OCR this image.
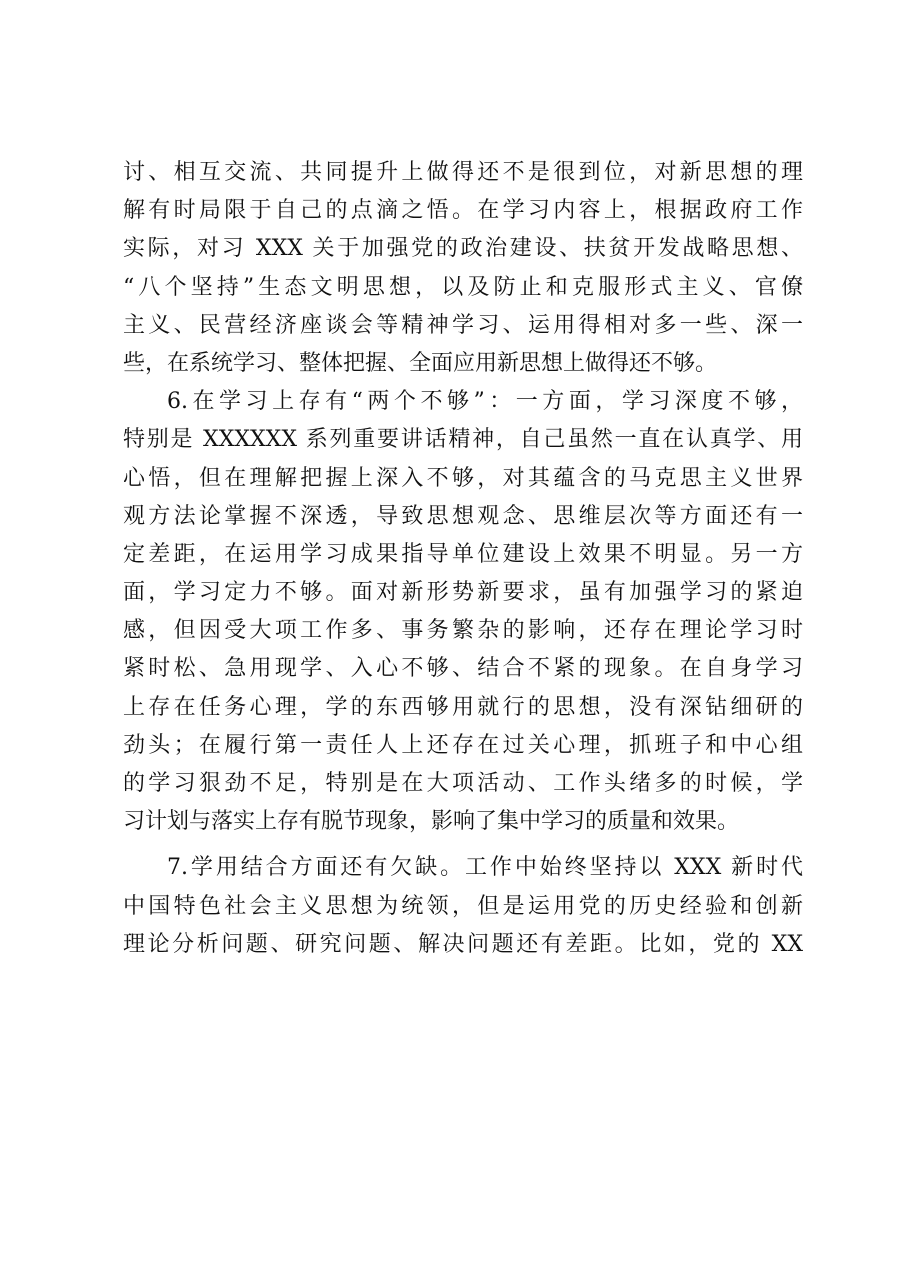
讨、相互交流、共同提升上做得还不是很到位，对新思想的理
解有时局限于自己的点滴之悟。在学习内容上，根据政府工作
实际，对习 XXX 关于加强党的政治建设、扶贫开发战略思想、
“八个坚持”生态文明思想，以及防止和克服形式主义、官僚
主义、民营经济座谈会等精神学习、运用得相对多一些、深一
些，在系统学习、整体把握、全面应用新思想上做得还不够。
6.在学习上存有“两个不够”：一方面，学习深度不够，
特别是 XXXXXX 系列重要讲话精神，自己虽然一直在认真学、用
心悟，但在理解把握上深入不够，对其蕴含的马克思主义世界
观方法论掌握不深透，导致思想观念、思维层次等方面还有一
定差距，在运用学习成果指导单位建设上效果不明显。另一方
面，学习定力不够。面对新形势新要求，虽有加强学习的紧迫
感，但因受大项工作多、事务繁杂的影响，还存在理论学习时
紧时松、急用现学、入心不够、结合不紧的现象。在自身学习
上存在任务心理，学的东西够用就行的思想，没有深钻细研的
劲头；在履行第一责任人上还存在过关心理，抓班子和中心组
的学习狠劲不足，特别是在大项活动、工作头绪多的时候，学
习计划与落实上存有脱节现象，影响了集中学习的质量和效果。
7.学用结合方面还有欠缺。工作中始终坚持以 XXX 新时代
中国特色社会主义思想为统领，但是运用党的历史经验和创新
理论分析问题、研究问题、解决问题还有差距。比如，党的 XX
